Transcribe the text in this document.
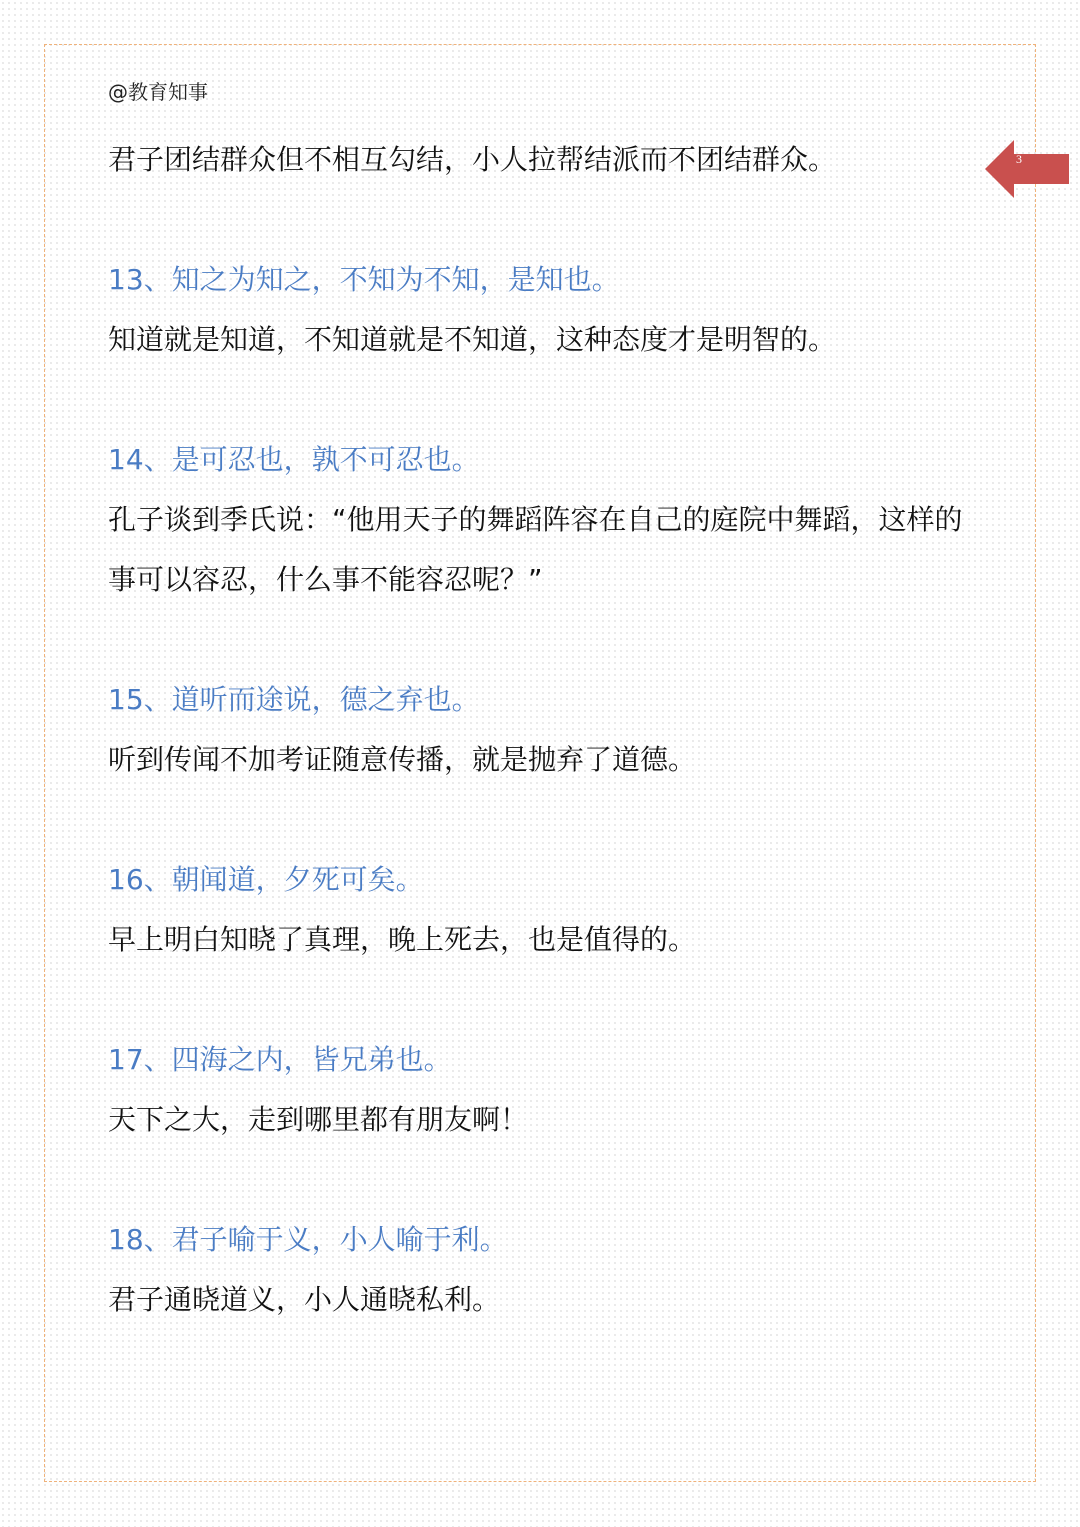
@教育知事
3

君子团结群众但不相互勾结，小人拉帮结派而不团结群众。

13、知之为知之，不知为不知，是知也。

知道就是知道，不知道就是不知道，这种态度才是明智的。

14、是可忍也，孰不可忍也。

孔子谈到季氏说：“他用天子的舞蹈阵容在自己的庭院中舞蹈，这样的事可以容忍，什么事不能容忍呢？”

15、道听而途说，德之弃也。

听到传闻不加考证随意传播，就是抛弃了道德。

16、朝闻道，夕死可矣。

早上明白知晓了真理，晚上死去，也是值得的。

17、四海之内，皆兄弟也。

天下之大，走到哪里都有朋友啊！

18、君子喻于义，小人喻于利。

君子通晓道义，小人通晓私利。
